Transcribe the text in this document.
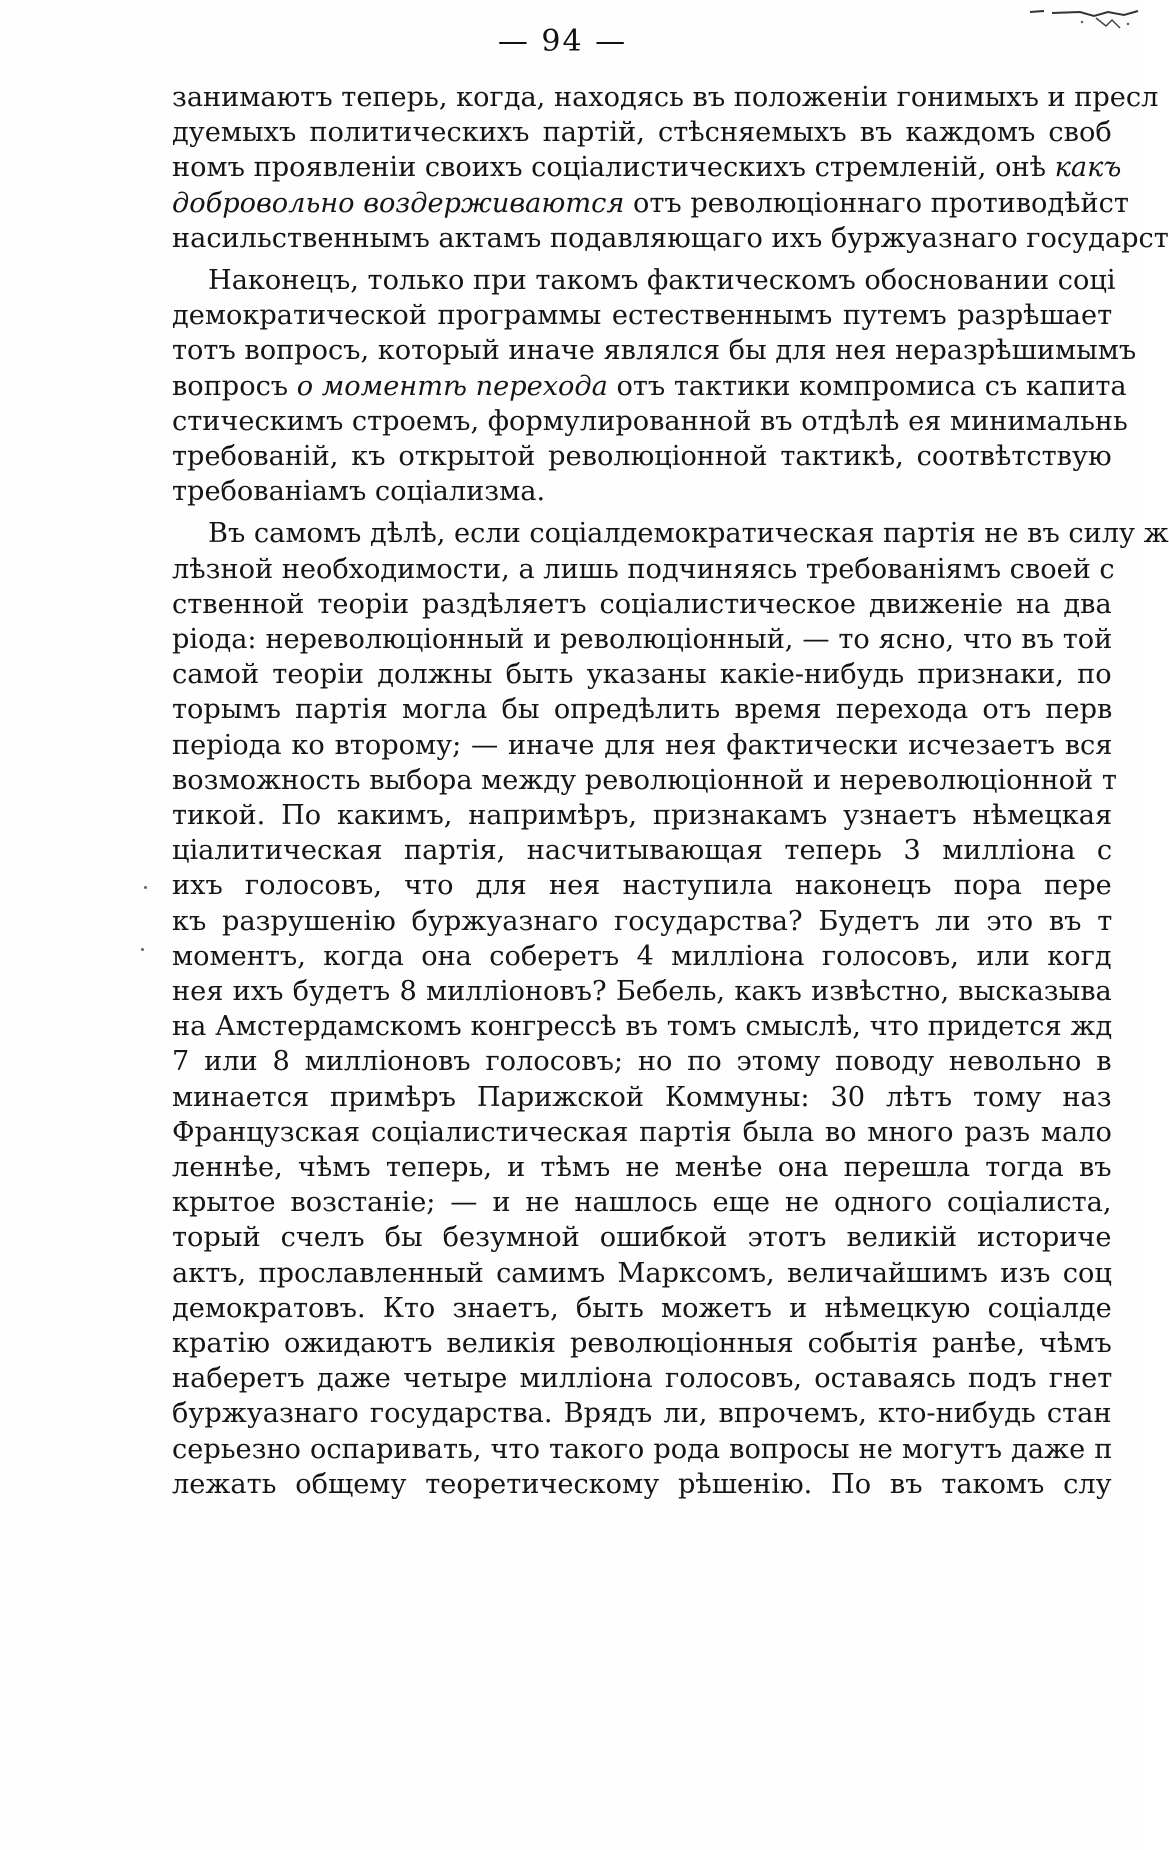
— 94 —
занимаютъ теперь, когда, находясь въ положеніи гонимыхъ и пресл
дуемыхъ политическихъ партій, стѣсняемыхъ въ каждомъ своб
номъ проявленіи своихъ соціалистическихъ стремленій, онѣ какъ
добровольно воздерживаются отъ революціоннаго противодѣйст
насильственнымъ актамъ подавляющаго ихъ буржуазнаго государст
Наконецъ, только при такомъ фактическомъ обосновании соці
демократической программы естественнымъ путемъ разрѣшает
тотъ вопросъ, который иначе являлся бы для нея неразрѣшимымъ
вопросъ о моментѣ перехода отъ тактики компромиса съ капита
стическимъ строемъ, формулированной въ отдѣлѣ ея минимальнь
требованій, къ открытой революціонной тактикѣ, соотвѣтствую
требованіамъ соціализма.
Въ самомъ дѣлѣ, если соціалдемократическая партія не въ силу ж
лѣзной необходимости, а лишь подчиняясь требованіямъ своей с
ственной теоріи раздѣляетъ соціалистическое движеніе на два
ріода: нереволюціонный и революціонный, — то ясно, что въ той
самой теоріи должны быть указаны какіе-нибудь признаки, по
торымъ партія могла бы опредѣлить время перехода отъ перв
періода ко второму; — иначе для нея фактически исчезаетъ вся
возможность выбора между революціонной и нереволюціонной т
тикой. По какимъ, напримѣръ, признакамъ узнаетъ нѣмецкая
ціалитическая партія, насчитывающая теперь 3 милліона с
ихъ голосовъ, что для нея наступила наконецъ пора пере
къ разрушенію буржуазнаго государства? Будетъ ли это въ т
моментъ, когда она соберетъ 4 милліона голосовъ, или когд
нея ихъ будетъ 8 милліоновъ? Бебель, какъ извѣстно, высказыва
на Амстердамскомъ конгрессѣ въ томъ смыслѣ, что придется жд
7 или 8 милліоновъ голосовъ; но по этому поводу невольно в
минается примѣръ Парижской Коммуны: 30 лѣтъ тому наз
Французская соціалистическая партія была во много разъ мало
леннѣе, чѣмъ теперь, и тѣмъ не менѣе она перешла тогда въ
крытое возстаніе; — и не нашлось еще не одного соціалиста,
торый счелъ бы безумной ошибкой этотъ великій историче
актъ, прославленный самимъ Марксомъ, величайшимъ изъ соц
демократовъ. Кто знаетъ, быть можетъ и нѣмецкую соціалде
кратію ожидаютъ великія революціонныя событія ранѣе, чѣмъ
наберетъ даже четыре милліона голосовъ, оставаясь подъ гнет
буржуазнаго государства. Врядъ ли, впрочемъ, кто-нибудь стан
серьезно оспаривать, что такого рода вопросы не могутъ даже п
лежать общему теоретическому рѣшенію. По въ такомъ слу
